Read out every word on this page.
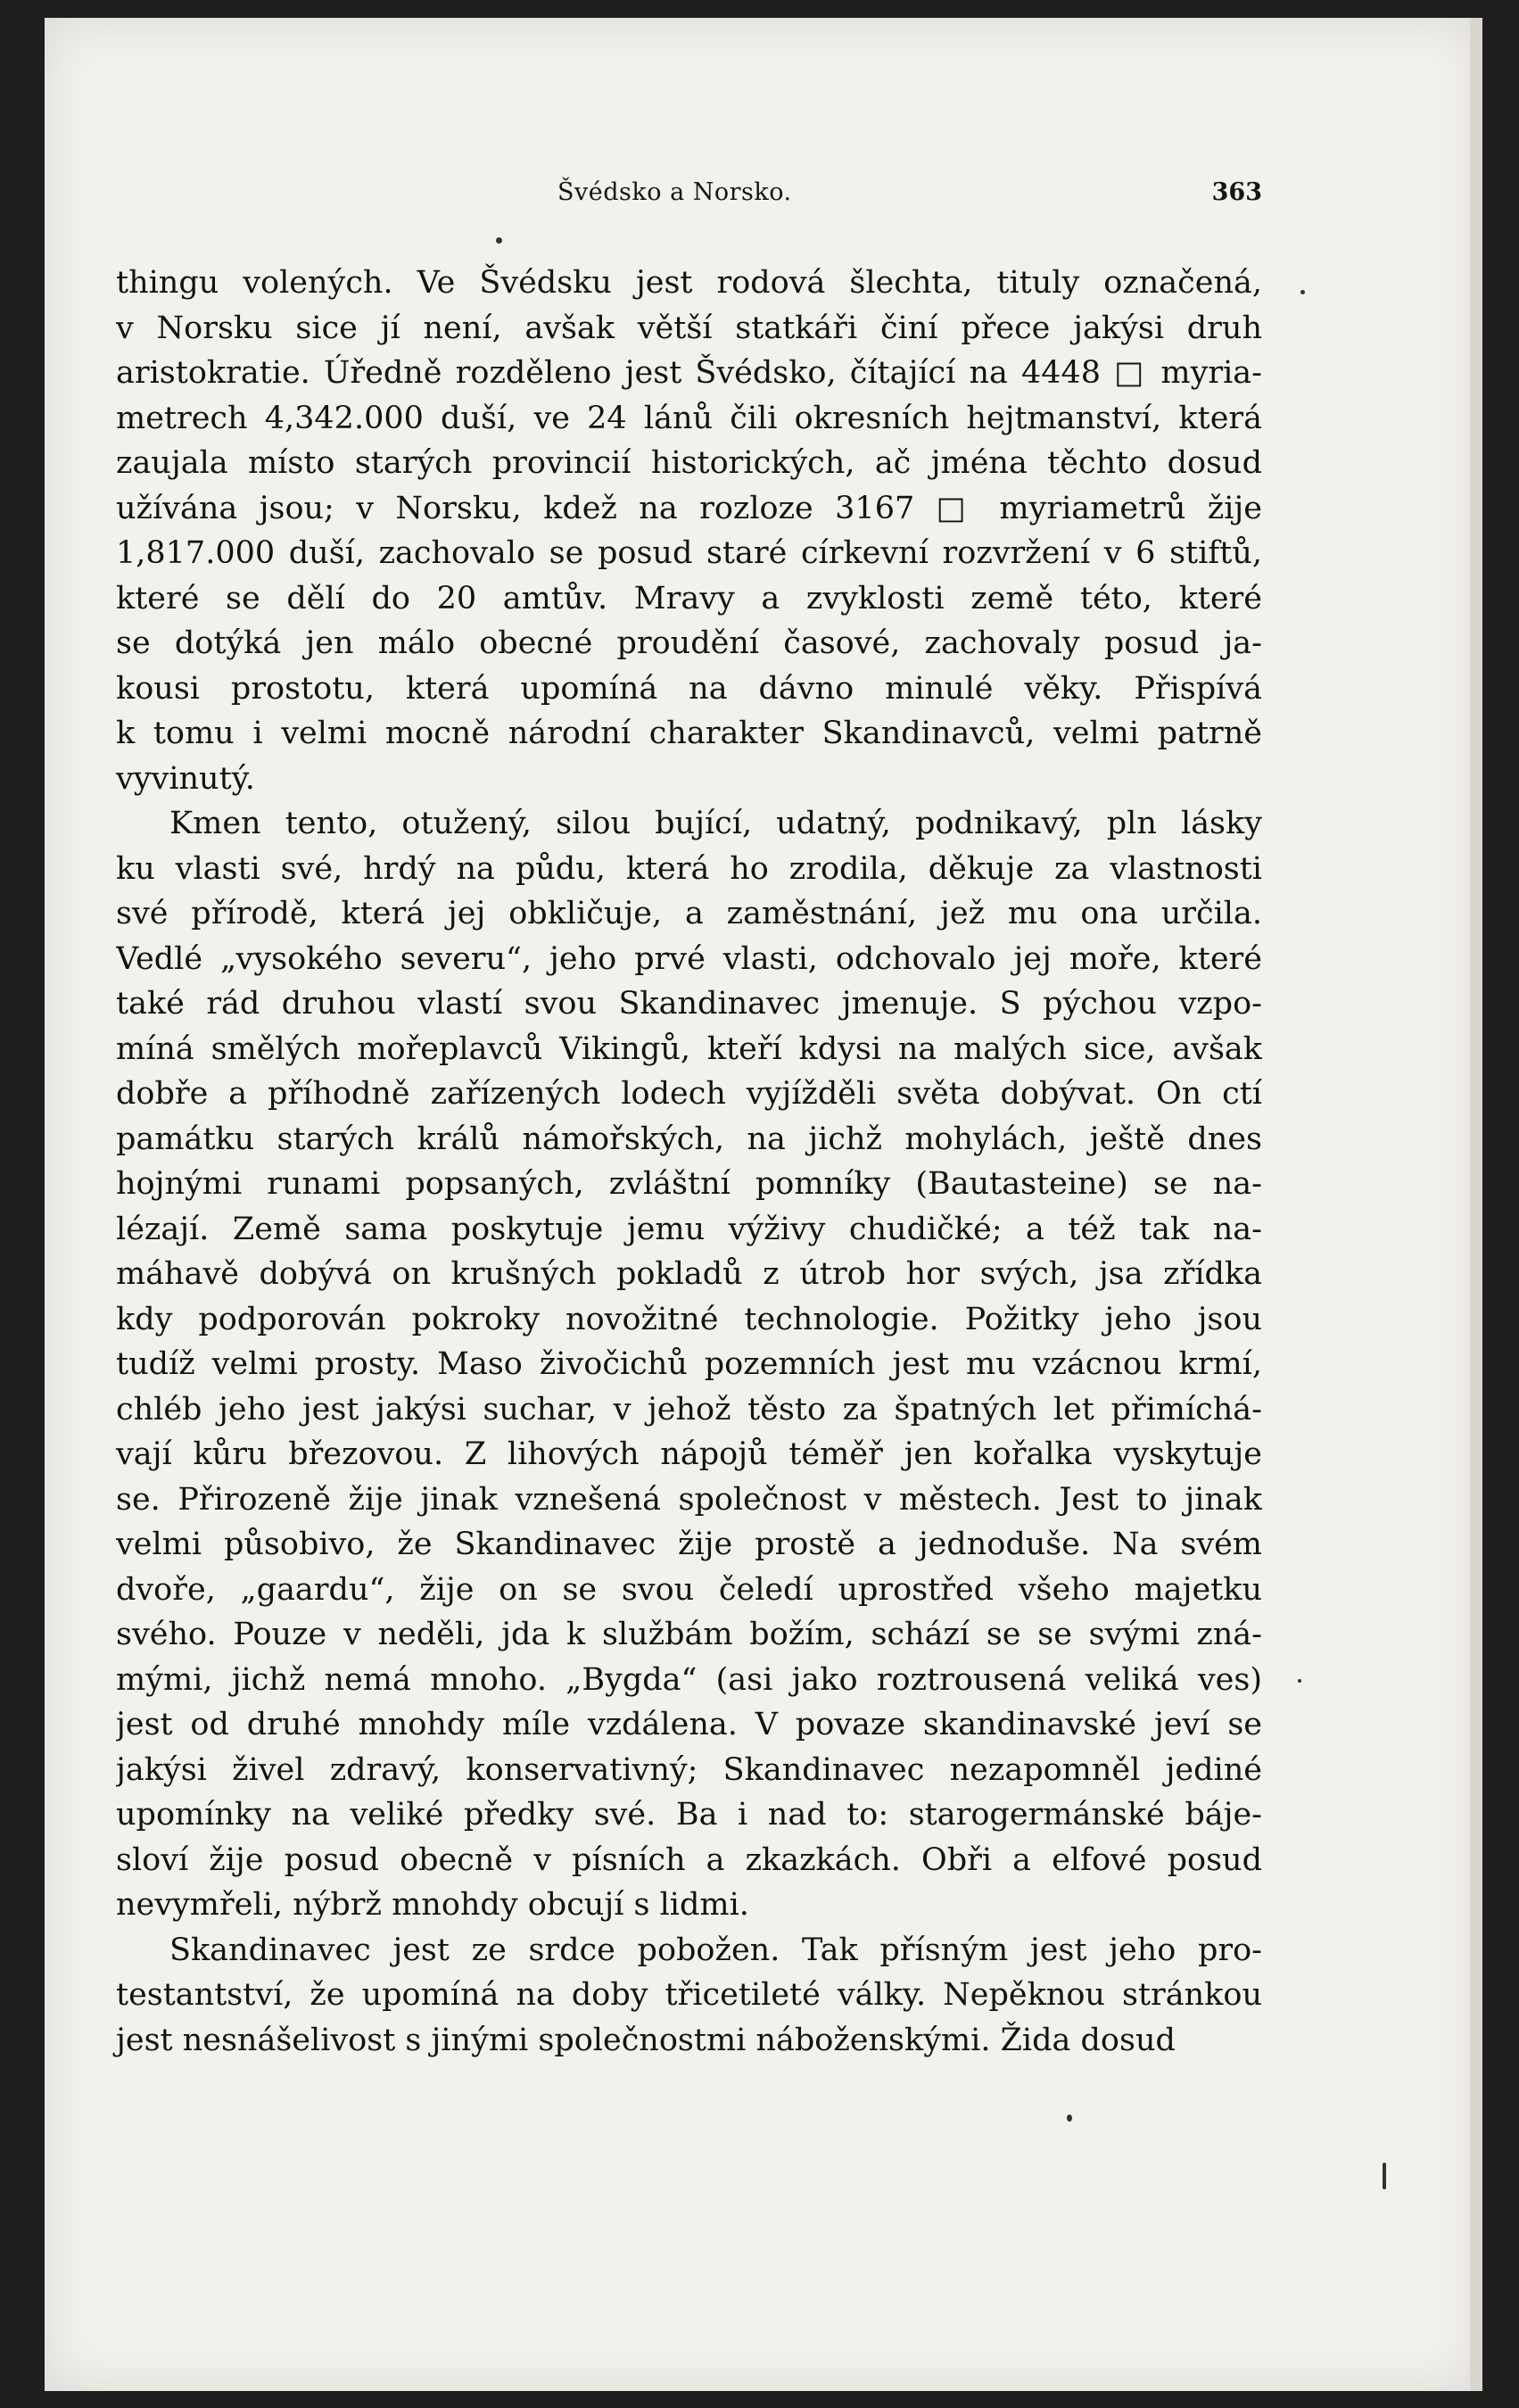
Švédsko a Norsko.	363
thingu volených. Ve Švédsku jest rodová šlechta, tituly označená,
v Norsku sice jí není, avšak větší statkáři činí přece jakýsi druh
aristokratie. Úředně rozděleno jest Švédsko, čítající na 4448 □ myria-
metrech 4,342.000 duší, ve 24 lánů čili okresních hejtmanství, která
zaujala místo starých provincií historických, ač jména těchto dosud
užívána jsou; v Norsku, kdež na rozloze 3167 □ myriametrů žije
1,817.000 duší, zachovalo se posud staré církevní rozvržení v 6 stiftů,
které se dělí do 20 amtův. Mravy a zvyklosti země této, které
se dotýká jen málo obecné proudění časové, zachovaly posud ja-
kousi prostotu, která upomíná na dávno minulé věky. Přispívá
k tomu i velmi mocně národní charakter Skandinavců, velmi patrně
vyvinutý.
Kmen tento, otužený, silou bující, udatný, podnikavý, pln lásky
ku vlasti své, hrdý na půdu, která ho zrodila, děkuje za vlastnosti
své přírodě, která jej obkličuje, a zaměstnání, jež mu ona určila.
Vedlé „vysokého severu“, jeho prvé vlasti, odchovalo jej moře, které
také rád druhou vlastí svou Skandinavec jmenuje. S pýchou vzpo-
míná smělých mořeplavců Vikingů, kteří kdysi na malých sice, avšak
dobře a příhodně zařízených lodech vyjížděli světa dobývat. On ctí
památku starých králů námořských, na jichž mohylách, ještě dnes
hojnými runami popsaných, zvláštní pomníky (Bautasteine) se na-
lézají. Země sama poskytuje jemu výživy chudičké; a též tak na-
máhavě dobývá on krušných pokladů z útrob hor svých, jsa zřídka
kdy podporován pokroky novožitné technologie. Požitky jeho jsou
tudíž velmi prosty. Maso živočichů pozemních jest mu vzácnou krmí,
chléb jeho jest jakýsi suchar, v jehož těsto za špatných let přimíchá-
vají kůru březovou. Z lihových nápojů téměř jen kořalka vyskytuje
se. Přirozeně žije jinak vznešená společnost v městech. Jest to jinak
velmi působivo, že Skandinavec žije prostě a jednoduše. Na svém
dvoře, „gaardu“, žije on se svou čeledí uprostřed všeho majetku
svého. Pouze v neděli, jda k službám božím, schází se se svými zná-
mými, jichž nemá mnoho. „Bygda“ (asi jako roztrousená veliká ves)
jest od druhé mnohdy míle vzdálena. V povaze skandinavské jeví se
jakýsi živel zdravý, konservativný; Skandinavec nezapomněl jediné
upomínky na veliké předky své. Ba i nad to: starogermánské báje-
sloví žije posud obecně v písních a zkazkách. Obři a elfové posud
nevymřeli, nýbrž mnohdy obcují s lidmi.
Skandinavec jest ze srdce pobožen. Tak přísným jest jeho pro-
testantství, že upomíná na doby třicetileté války. Nepěknou stránkou
jest nesnášelivost s jinými společnostmi náboženskými. Žida dosud
